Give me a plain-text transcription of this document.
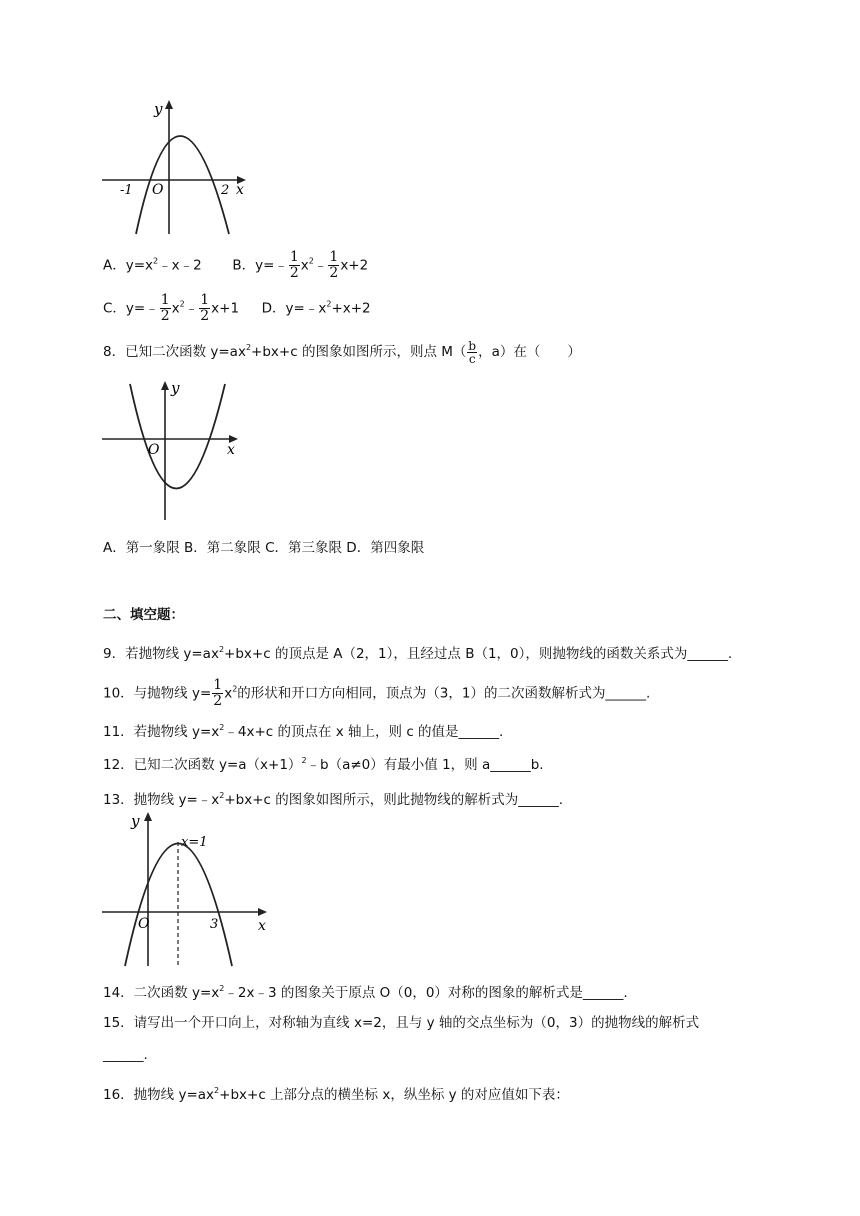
y
O
-1	2 x
A．$y=x^2﹣x﹣2$ B．y=﹣ $\frac{1}{2}$ $x^2﹣ \frac{1}{2} x+2$
C．y=﹣ $\frac{1}{2}$ $x^2﹣ \frac{1}{2} x+1$ D．$y=﹣x^2+x+2$
8．已知二次函数 $y=ax^2+bx+c$ 的图象如图所示，则点 $M( \frac{b}{c}$ ，a）在（　　）
y
O	x
A．第一象限 B．第二象限 C．第三象限 D．第四象限
二、填空题：
9．若抛物线 $y=ax^2+bx+c$ 的顶点是 A（2，1），且经过点 B（1，0），则抛物线的函数关系式为______.
10．与抛物线 $y= \frac{1}{2} x^2$的形状和开口方向相同，顶点为（3，1）的二次函数解析式为______.
11．若抛物线 $y=x^2﹣4x+c$ 的顶点在 x 轴上，则 c 的值是______.
12．已知二次函数 $y=a(x+1)^2﹣b(a\ne 0)$有最小值 1，则 a______b.
13．抛物线 $y=﹣x^2+bx+c$ 的图象如图所示，则此抛物线的解析式为______.
y
x=1
O	3	x
14．二次函数 $y=x^2﹣2x﹣3$ 的图象关于原点 O（0，0）对称的图象的解析式是______.
15．请写出一个开口向上，对称轴为直线 x=2，且与 y 轴的交点坐标为（0，3）的抛物线的解析式
______.
16．抛物线 $y=ax^2+bx+c$ 上部分点的横坐标 x，纵坐标 y 的对应值如下表：
